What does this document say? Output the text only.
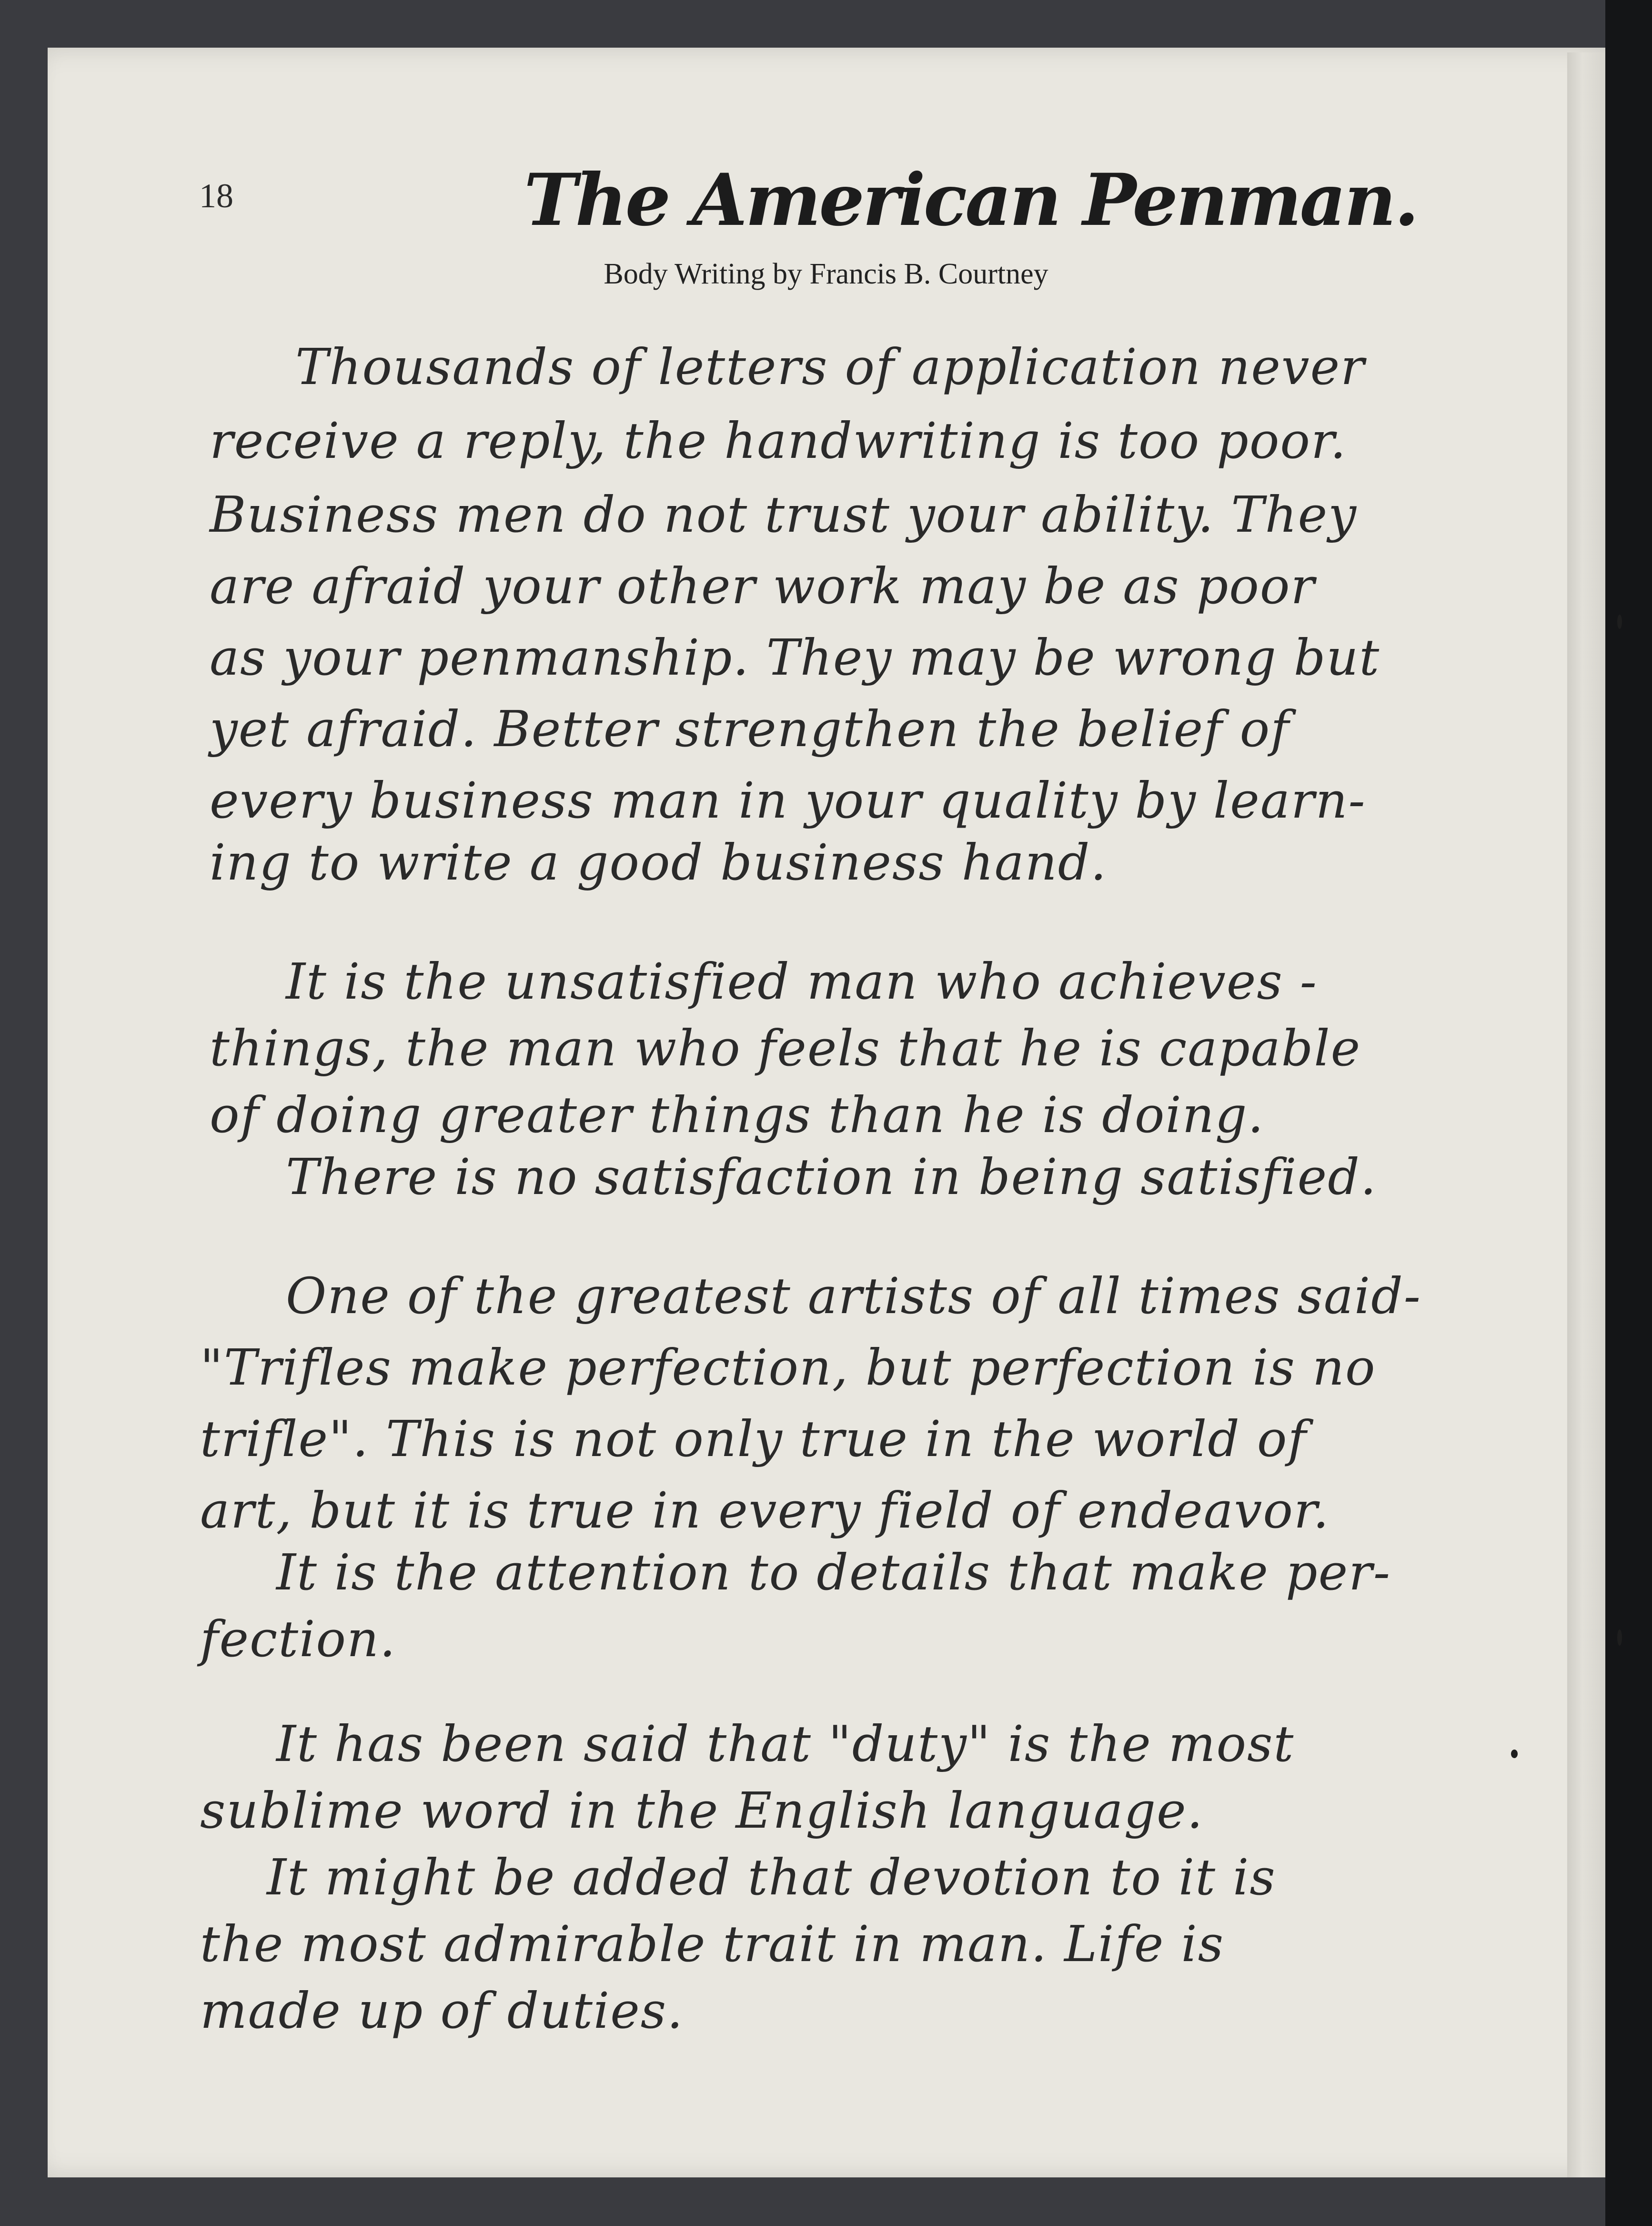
18	The American Penman.
Body Writing by Francis B. Courtney
Thousands of letters of application never
receive a reply, the handwriting is too poor.
Business men do not trust your ability. They
are afraid your other work may be as poor
as your penmanship. They may be wrong but
yet afraid. Better strengthen the belief of
every business man in your quality by learn-
ing to write a good business hand.
It is the unsatisfied man who achieves -
things, the man who feels that he is capable
of doing greater things than he is doing.
There is no satisfaction in being satisfied.
One of the greatest artists of all times said-
"Trifles make perfection, but perfection is no
trifle". This is not only true in the world of
art, but it is true in every field of endeavor.
It is the attention to details that make per-
fection.
It has been said that "duty" is the most
sublime word in the English language.
It might be added that devotion to it is
the most admirable trait in man. Life is
made up of duties.
